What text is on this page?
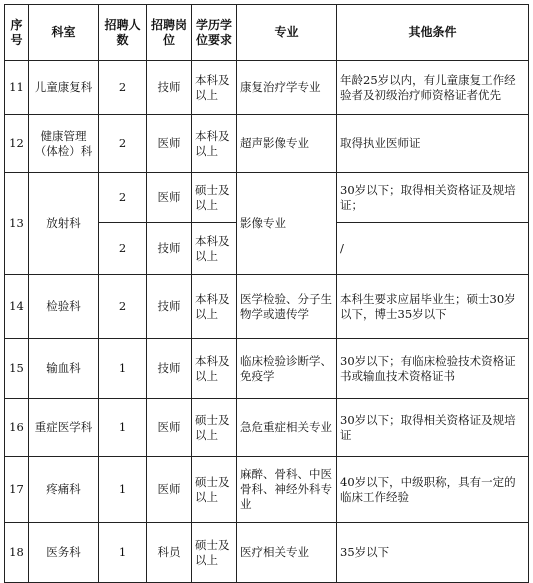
序号	科室	招聘人数	招聘岗位	学历学位要求	专业	其他条件
11	儿童康复科	2	技师	本科及以上	康复治疗学专业	年龄25岁以内，有儿童康复工作经验者及初级治疗师资格证者优先
12	健康管理（体检）科	2	医师	本科及以上	超声影像专业	取得执业医师证
13	放射科	2	医师	硕士及以上	影像专业	30岁以下；取得相关资格证及规培证；
		2	技师	本科及以上		/
14	检验科	2	技师	本科及以上	医学检验、分子生物学或遗传学	本科生要求应届毕业生；硕士30岁以下，博士35岁以下
15	输血科	1	技师	本科及以上	临床检验诊断学、免疫学	30岁以下；有临床检验技术资格证书或输血技术资格证书
16	重症医学科	1	医师	硕士及以上	急危重症相关专业	30岁以下；取得相关资格证及规培证
17	疼痛科	1	医师	硕士及以上	麻醉、骨科、中医骨科、神经外科专业	40岁以下，中级职称，具有一定的临床工作经验
18	医务科	1	科员	硕士及以上	医疗相关专业	35岁以下
